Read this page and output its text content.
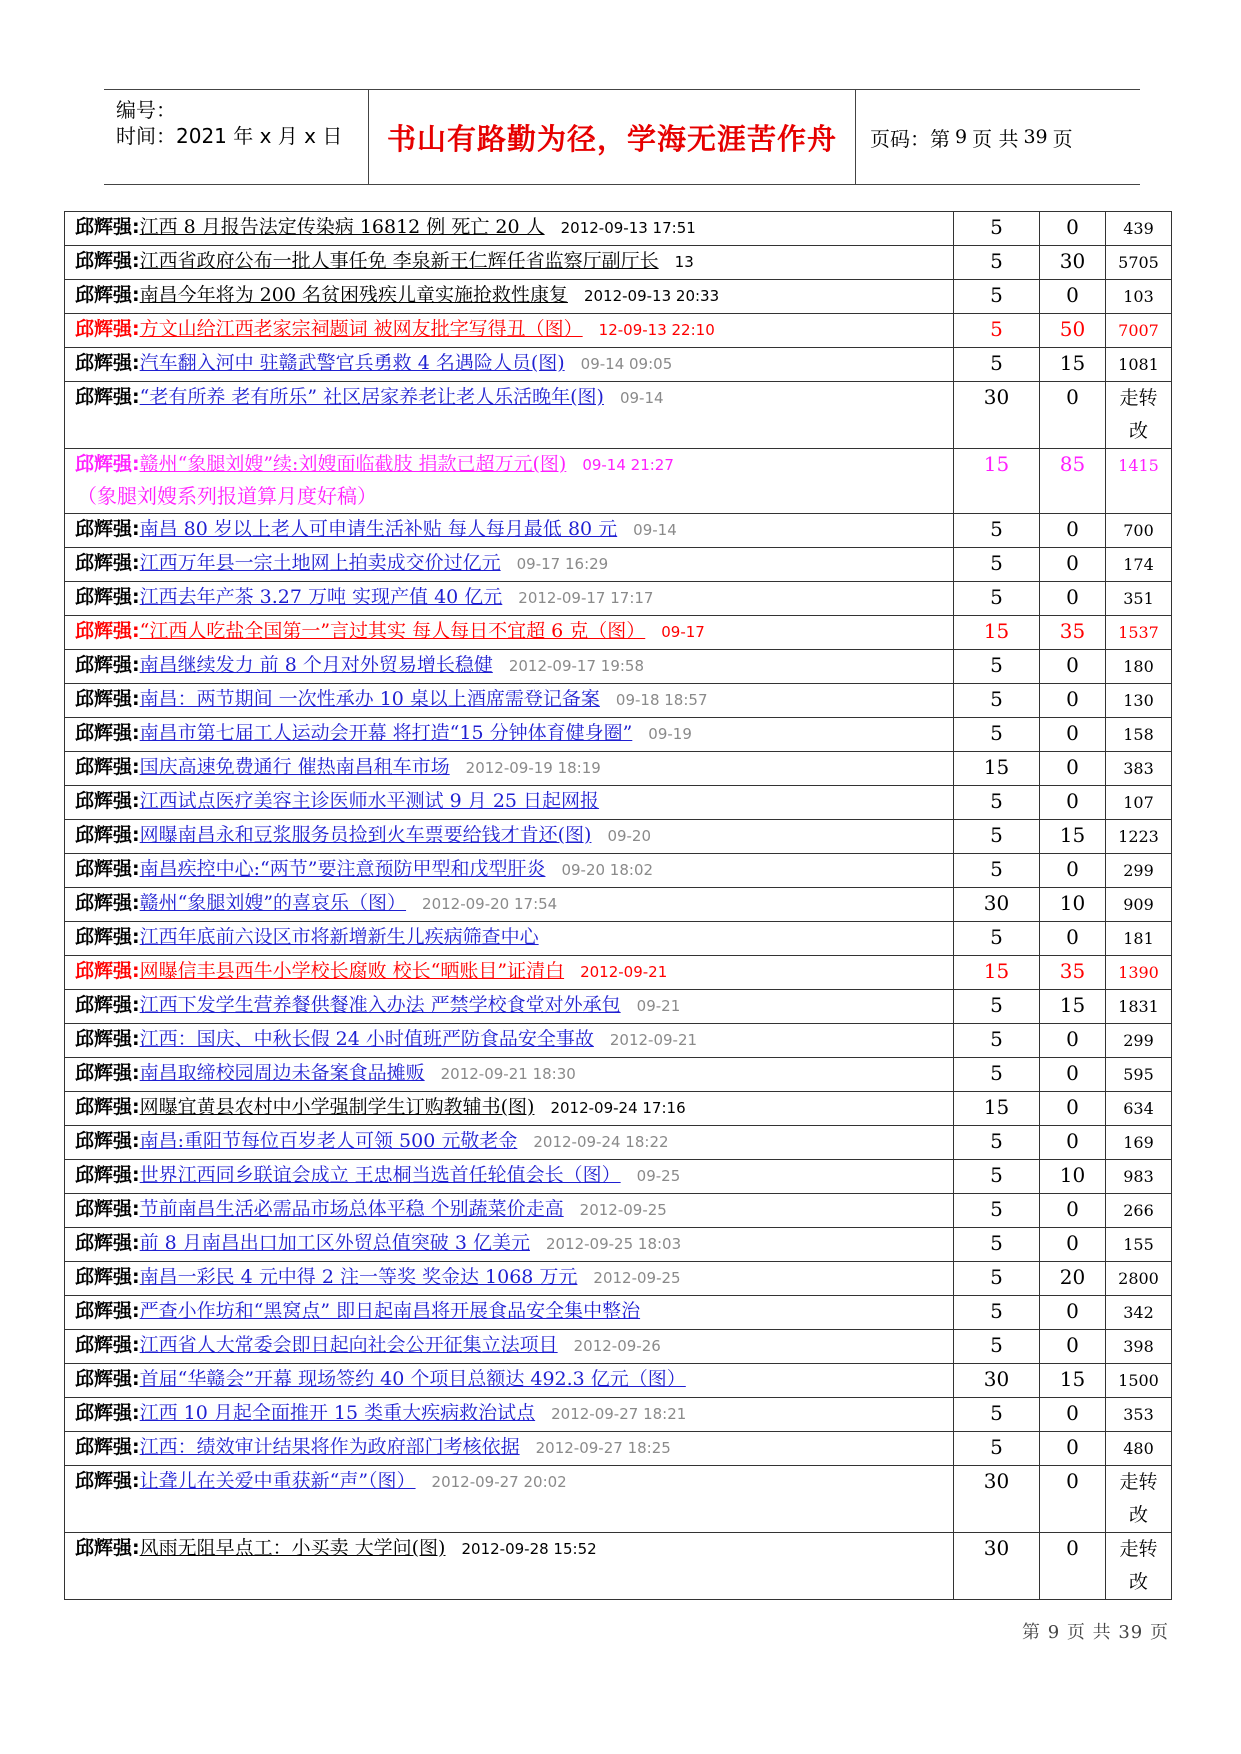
编号：
时间：2021 年 x 月 x 日	书山有路勤为径，学海无涯苦作舟	页码：第 9 页 共 39 页
邱辉强:江西 8 月报告法定传染病 16812 例 死亡 20 人 2012-09-13 17:51	5	0	439
邱辉强:江西省政府公布一批人事任免 李泉新王仁辉任省监察厅副厅长 13	5	30	5705
邱辉强:南昌今年将为 200 名贫困残疾儿童实施抢救性康复 2012-09-13 20:33	5	0	103
邱辉强:方文山给江西老家宗祠题词 被网友批字写得丑（图） 12-09-13 22:10	5	50	7007
邱辉强:汽车翻入河中 驻赣武警官兵勇救 4 名遇险人员(图) 09-14 09:05	5	15	1081
邱辉强:“老有所养 老有所乐” 社区居家养老让老人乐活晚年(图) 09-14	30	0	走转
改
邱辉强:赣州“象腿刘嫂”续:刘嫂面临截肢 捐款已超万元(图) 09-14 21:27
（象腿刘嫂系列报道算月度好稿）	15	85	1415
邱辉强:南昌 80 岁以上老人可申请生活补贴 每人每月最低 80 元 09-14	5	0	700
邱辉强:江西万年县一宗土地网上拍卖成交价过亿元 09-17 16:29	5	0	174
邱辉强:江西去年产茶 3.27 万吨 实现产值 40 亿元 2012-09-17 17:17	5	0	351
邱辉强:“江西人吃盐全国第一”言过其实 每人每日不宜超 6 克（图） 09-17	15	35	1537
邱辉强:南昌继续发力 前 8 个月对外贸易增长稳健 2012-09-17 19:58	5	0	180
邱辉强:南昌：两节期间 一次性承办 10 桌以上酒席需登记备案 09-18 18:57	5	0	130
邱辉强:南昌市第七届工人运动会开幕 将打造“15 分钟体育健身圈” 09-19	5	0	158
邱辉强:国庆高速免费通行 催热南昌租车市场 2012-09-19 18:19	15	0	383
邱辉强:江西试点医疗美容主诊医师水平测试 9 月 25 日起网报	5	0	107
邱辉强:网曝南昌永和豆浆服务员捡到火车票要给钱才肯还(图) 09-20	5	15	1223
邱辉强:南昌疾控中心:“两节”要注意预防甲型和戊型肝炎 09-20 18:02	5	0	299
邱辉强:赣州“象腿刘嫂”的喜哀乐（图） 2012-09-20 17:54	30	10	909
邱辉强:江西年底前六设区市将新增新生儿疾病筛查中心	5	0	181
邱辉强:网曝信丰县西牛小学校长腐败 校长“晒账目”证清白 2012-09-21	15	35	1390
邱辉强:江西下发学生营养餐供餐准入办法 严禁学校食堂对外承包 09-21	5	15	1831
邱辉强:江西：国庆、中秋长假 24 小时值班严防食品安全事故 2012-09-21	5	0	299
邱辉强:南昌取缔校园周边未备案食品摊贩 2012-09-21 18:30	5	0	595
邱辉强:网曝宜黄县农村中小学强制学生订购教辅书(图) 2012-09-24 17:16	15	0	634
邱辉强:南昌:重阳节每位百岁老人可领 500 元敬老金 2012-09-24 18:22	5	0	169
邱辉强:世界江西同乡联谊会成立 王忠桐当选首任轮值会长（图） 09-25	5	10	983
邱辉强:节前南昌生活必需品市场总体平稳 个别蔬菜价走高 2012-09-25	5	0	266
邱辉强:前 8 月南昌出口加工区外贸总值突破 3 亿美元 2012-09-25 18:03	5	0	155
邱辉强:南昌一彩民 4 元中得 2 注一等奖 奖金达 1068 万元 2012-09-25	5	20	2800
邱辉强:严查小作坊和“黑窝点” 即日起南昌将开展食品安全集中整治	5	0	342
邱辉强:江西省人大常委会即日起向社会公开征集立法项目 2012-09-26	5	0	398
邱辉强:首届“华赣会”开幕 现场签约 40 个项目总额达 492.3 亿元（图）	30	15	1500
邱辉强:江西 10 月起全面推开 15 类重大疾病救治试点 2012-09-27 18:21	5	0	353
邱辉强:江西：绩效审计结果将作为政府部门考核依据 2012-09-27 18:25	5	0	480
邱辉强:让聋儿在关爱中重获新“声”（图） 2012-09-27 20:02	30	0	走转
改
邱辉强:风雨无阻早点工：小买卖 大学问(图) 2012-09-28 15:52	30	0	走转
改
第 9 页 共 39 页
